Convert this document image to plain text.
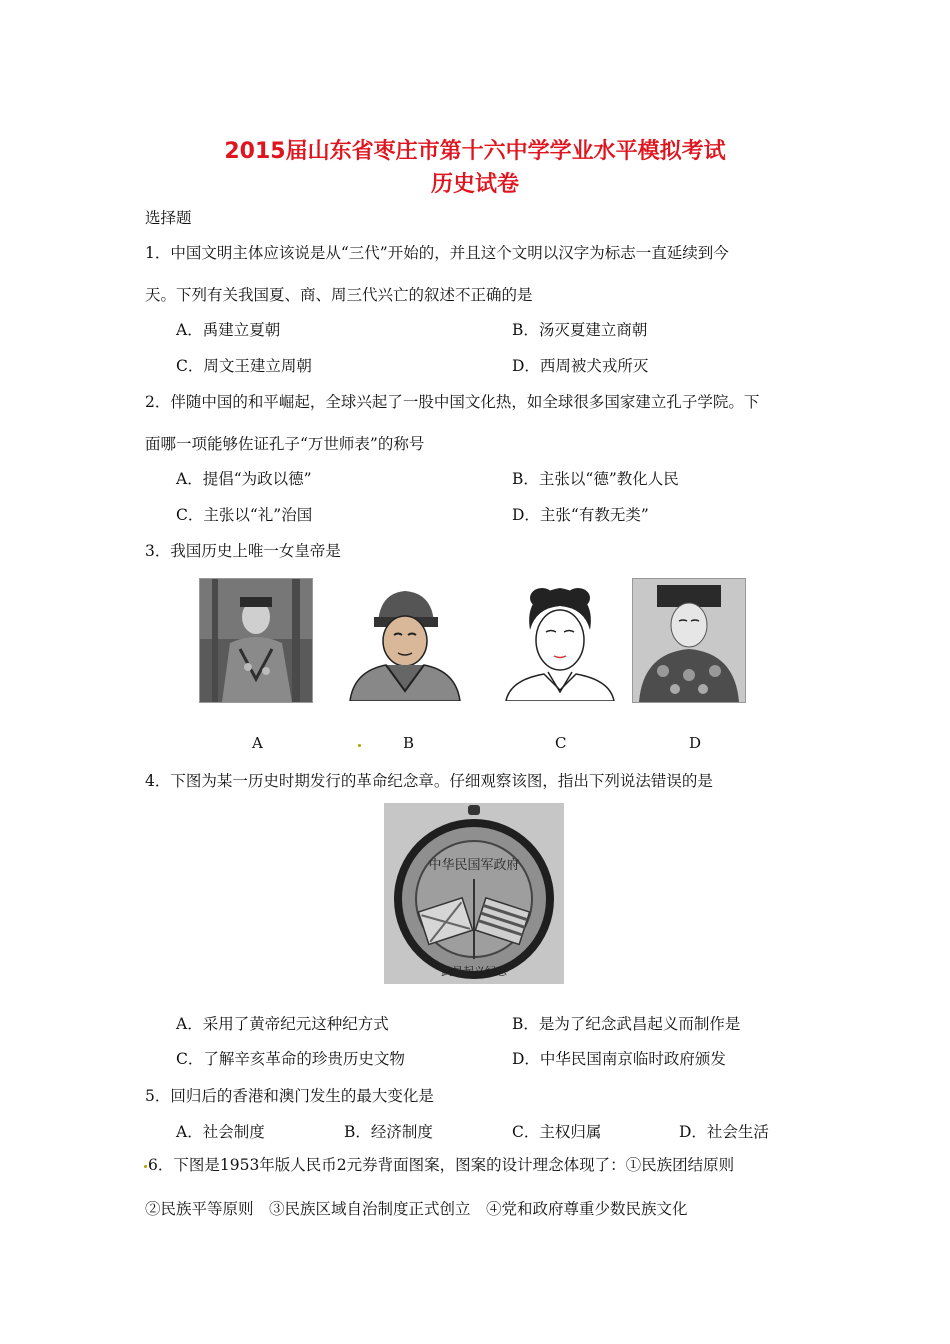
2015届山东省枣庄市第十六中学学业水平模拟考试
历史试卷
选择题
1．中国文明主体应该说是从“三代”开始的，并且这个文明以汉字为标志一直延续到今
天。下列有关我国夏、商、周三代兴亡的叙述不正确的是
A．禹建立夏朝	B．汤灭夏建立商朝
C．周文王建立周朝	D．西周被犬戎所灭
2．伴随中国的和平崛起，全球兴起了一股中国文化热，如全球很多国家建立孔子学院。下
面哪一项能够佐证孔子“万世师表”的称号
A．提倡“为政以德”	B．主张以“德”教化人民
C．主张以“礼”治国	D．主张“有教无类”
3．我国历史上唯一女皇帝是
A	B	C	D
4．下图为某一历史时期发行的革命纪念章。仔细观察该图，指出下列说法错误的是
中华民国军政府
武昌起义纪念
A．采用了黄帝纪元这种纪方式	B．是为了纪念武昌起义而制作是
C．了解辛亥革命的珍贵历史文物	D．中华民国南京临时政府颁发
5．回归后的香港和澳门发生的最大变化是
A．社会制度	B．经济制度	C．主权归属	D．社会生活
6．下图是1953年版人民币2元券背面图案，图案的设计理念体现了：①民族团结原则
②民族平等原则　③民族区域自治制度正式创立　④党和政府尊重少数民族文化
